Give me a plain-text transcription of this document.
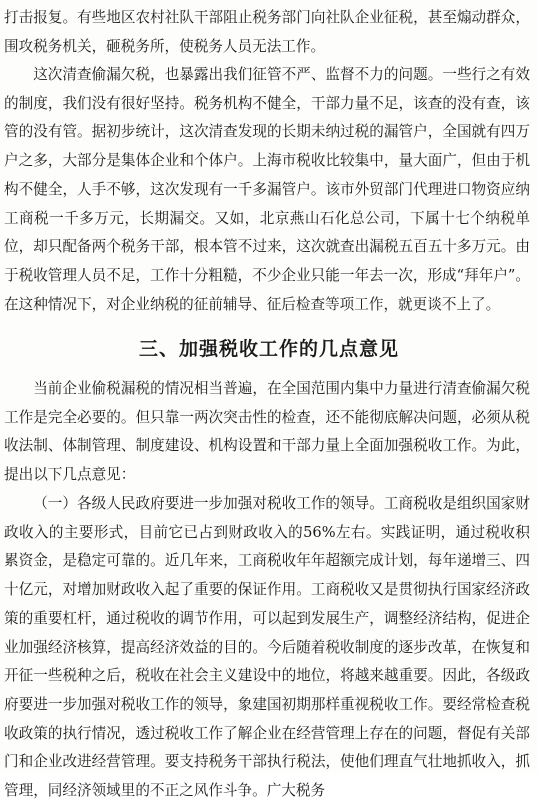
打击报复。有些地区农村社队干部阻止税务部门向社队企业征税，甚至煽动群众，围攻税务机关，砸税务所，使税务人员无法工作。

这次清查偷漏欠税，也暴露出我们征管不严、监督不力的问题。一些行之有效的制度，我们没有很好坚持。税务机构不健全，干部力量不足，该查的没有查，该管的没有管。据初步统计，这次清查发现的长期未纳过税的漏管户，全国就有四万户之多，大部分是集体企业和个体户。上海市税收比较集中，量大面广，但由于机构不健全，人手不够，这次发现有一千多漏管户。该市外贸部门代理进口物资应纳工商税一千多万元，长期漏交。又如，北京燕山石化总公司，下属十七个纳税单位，却只配备两个税务干部，根本管不过来，这次就查出漏税五百五十多万元。由于税收管理人员不足，工作十分粗糙，不少企业只能一年去一次，形成“拜年户”。在这种情况下，对企业纳税的征前辅导、征后检查等项工作，就更谈不上了。

三、加强税收工作的几点意见

当前企业偷税漏税的情况相当普遍，在全国范围内集中力量进行清查偷漏欠税工作是完全必要的。但只靠一两次突击性的检查，还不能彻底解决问题，必须从税收法制、体制管理、制度建设、机构设置和干部力量上全面加强税收工作。为此，提出以下几点意见：

（一）各级人民政府要进一步加强对税收工作的领导。工商税收是组织国家财政收入的主要形式，目前它已占到财政收入的56%左右。实践证明，通过税收积累资金，是稳定可靠的。近几年来，工商税收年年超额完成计划，每年递增三、四十亿元，对增加财政收入起了重要的保证作用。工商税收又是贯彻执行国家经济政策的重要杠杆，通过税收的调节作用，可以起到发展生产，调整经济结构，促进企业加强经济核算，提高经济效益的目的。今后随着税收制度的逐步改革，在恢复和开征一些税种之后，税收在社会主义建设中的地位，将越来越重要。因此，各级政府要进一步加强对税收工作的领导，象建国初期那样重视税收工作。要经常检查税收政策的执行情况，透过税收工作了解企业在经营管理上存在的问题，督促有关部门和企业改进经营管理。要支持税务干部执行税法，使他们理直气壮地抓收入，抓管理，同经济领域里的不正之风作斗争。广大税务
